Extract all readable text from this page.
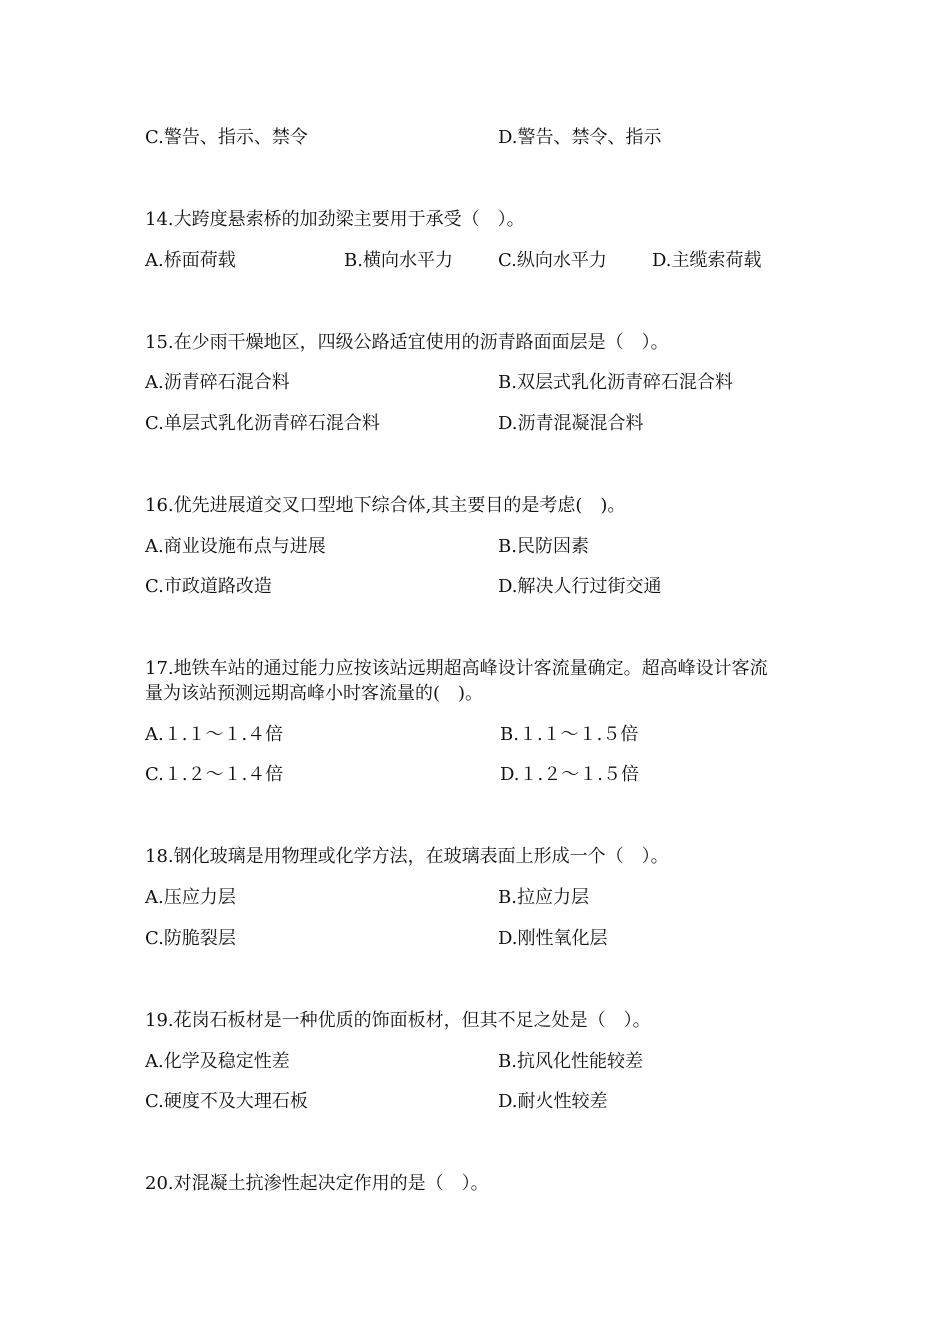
C.警告、指示、禁令	D.警告、禁令、指示
14.大跨度悬索桥的加劲梁主要用于承受（　）。
A.桥面荷载	B.横向水平力	C.纵向水平力	D.主缆索荷载
15.在少雨干燥地区，四级公路适宜使用的沥青路面面层是（　）。
A.沥青碎石混合料	B.双层式乳化沥青碎石混合料
C.单层式乳化沥青碎石混合料	D.沥青混凝混合料
16.优先进展道交叉口型地下综合体,其主要目的是考虑(　)。
A.商业设施布点与进展	B.民防因素
C.市政道路改造	D.解决人行过街交通
17.地铁车站的通过能力应按该站远期超高峰设计客流量确定。超高峰设计客流
量为该站预测远期高峰小时客流量的(　)。
A.１.１～１.４倍	B.１.１～１.５倍
C.１.２～１.４倍	D.１.２～１.５倍
18.钢化玻璃是用物理或化学方法，在玻璃表面上形成一个（　）。
A.压应力层	B.拉应力层
C.防脆裂层	D.刚性氧化层
19.花岗石板材是一种优质的饰面板材，但其不足之处是（　）。
A.化学及稳定性差	B.抗风化性能较差
C.硬度不及大理石板	D.耐火性较差
20.对混凝土抗渗性起决定作用的是（　）。
